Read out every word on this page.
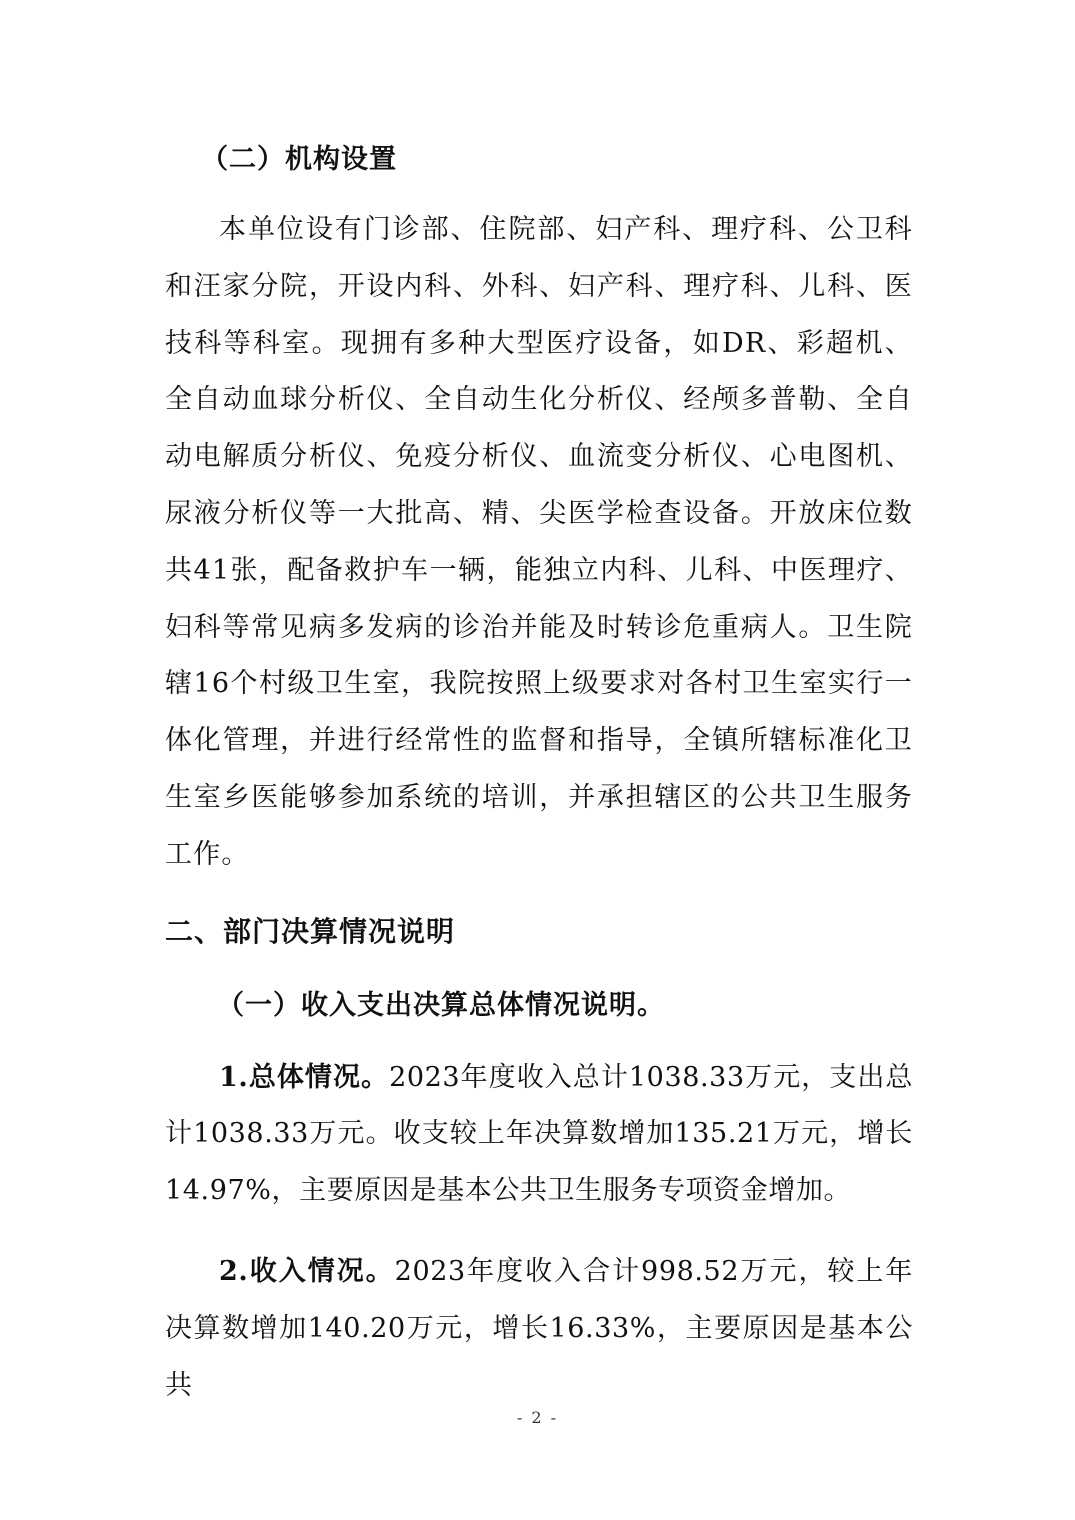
（二）机构设置

本单位设有门诊部、住院部、妇产科、理疗科、公卫科和汪家分院，开设内科、外科、妇产科、理疗科、儿科、医技科等科室。现拥有多种大型医疗设备，如DR、彩超机、全自动血球分析仪、全自动生化分析仪、经颅多普勒、全自动电解质分析仪、免疫分析仪、血流变分析仪、心电图机、尿液分析仪等一大批高、精、尖医学检查设备。开放床位数共41张，配备救护车一辆，能独立内科、儿科、中医理疗、妇科等常见病多发病的诊治并能及时转诊危重病人。卫生院辖16个村级卫生室，我院按照上级要求对各村卫生室实行一体化管理，并进行经常性的监督和指导，全镇所辖标准化卫生室乡医能够参加系统的培训，并承担辖区的公共卫生服务工作。

二、部门决算情况说明
（一）收入支出决算总体情况说明。

1.总体情况。2023年度收入总计1038.33万元，支出总计1038.33万元。收支较上年决算数增加135.21万元，增长14.97%，主要原因是基本公共卫生服务专项资金增加。

2.收入情况。2023年度收入合计998.52万元，较上年决算数增加140.20万元，增长16.33%，主要原因是基本公共

- 2 -
